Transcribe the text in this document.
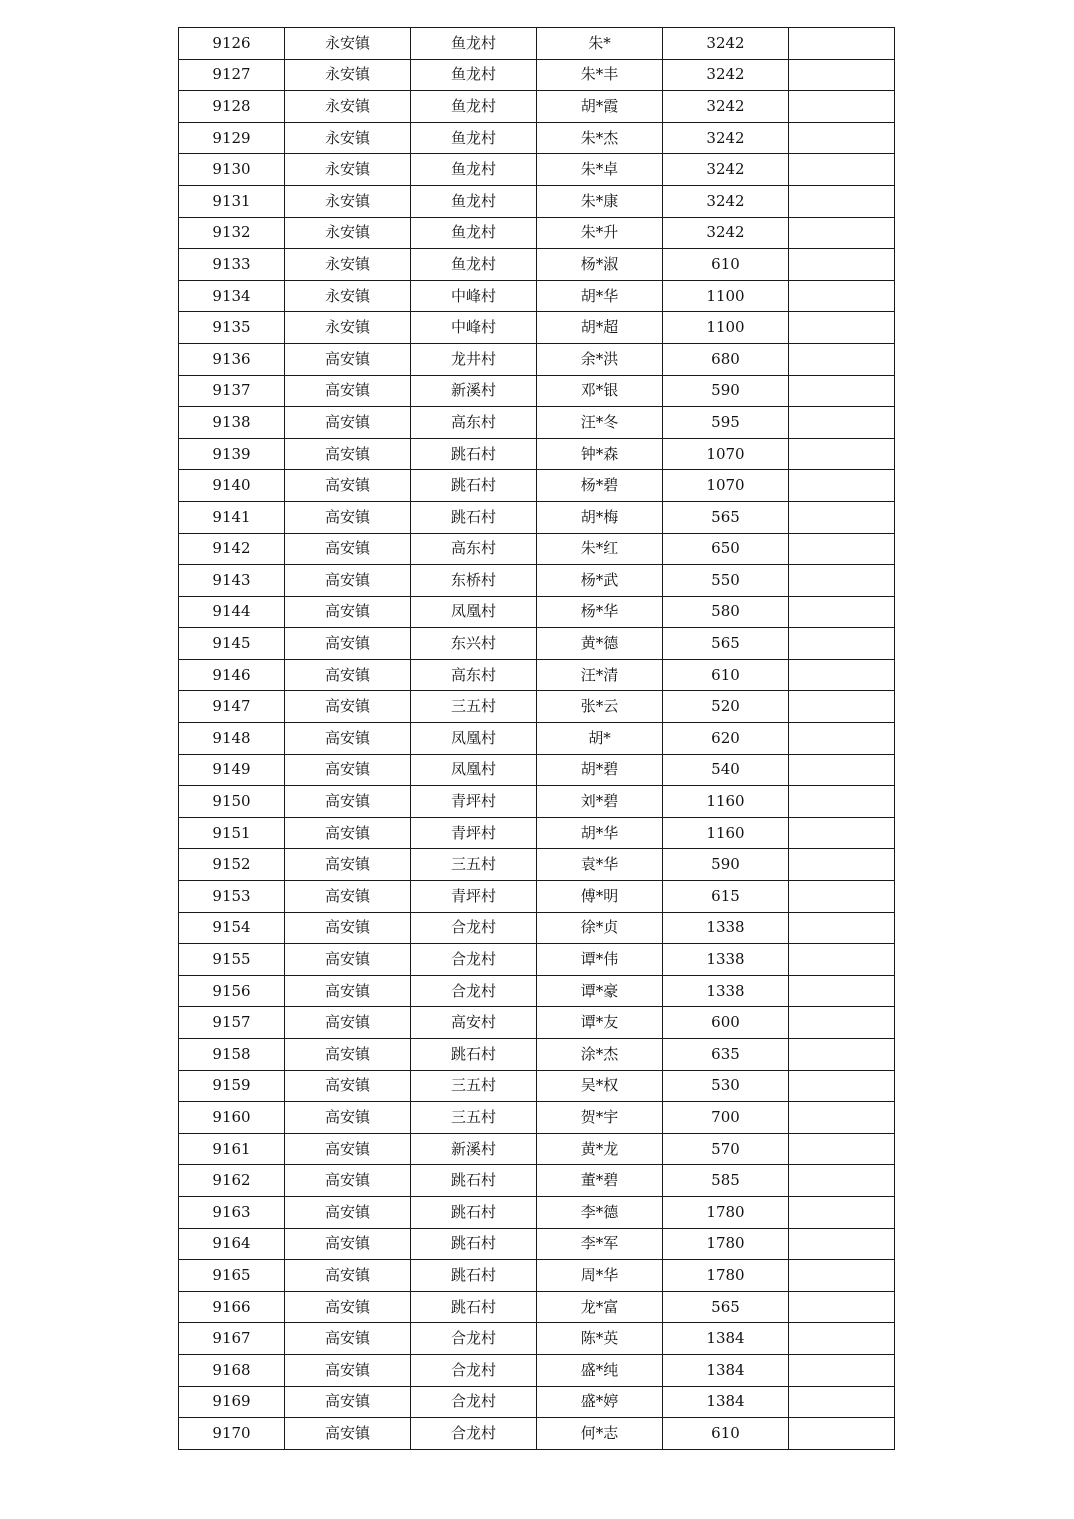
9126	永安镇	鱼龙村	朱*	3242	
9127	永安镇	鱼龙村	朱*丰	3242	
9128	永安镇	鱼龙村	胡*霞	3242	
9129	永安镇	鱼龙村	朱*杰	3242	
9130	永安镇	鱼龙村	朱*卓	3242	
9131	永安镇	鱼龙村	朱*康	3242	
9132	永安镇	鱼龙村	朱*升	3242	
9133	永安镇	鱼龙村	杨*淑	610	
9134	永安镇	中峰村	胡*华	1100	
9135	永安镇	中峰村	胡*超	1100	
9136	高安镇	龙井村	余*洪	680	
9137	高安镇	新溪村	邓*银	590	
9138	高安镇	高东村	汪*冬	595	
9139	高安镇	跳石村	钟*森	1070	
9140	高安镇	跳石村	杨*碧	1070	
9141	高安镇	跳石村	胡*梅	565	
9142	高安镇	高东村	朱*红	650	
9143	高安镇	东桥村	杨*武	550	
9144	高安镇	凤凰村	杨*华	580	
9145	高安镇	东兴村	黄*德	565	
9146	高安镇	高东村	汪*清	610	
9147	高安镇	三五村	张*云	520	
9148	高安镇	凤凰村	胡*	620	
9149	高安镇	凤凰村	胡*碧	540	
9150	高安镇	青坪村	刘*碧	1160	
9151	高安镇	青坪村	胡*华	1160	
9152	高安镇	三五村	袁*华	590	
9153	高安镇	青坪村	傅*明	615	
9154	高安镇	合龙村	徐*贞	1338	
9155	高安镇	合龙村	谭*伟	1338	
9156	高安镇	合龙村	谭*豪	1338	
9157	高安镇	高安村	谭*友	600	
9158	高安镇	跳石村	涂*杰	635	
9159	高安镇	三五村	吴*权	530	
9160	高安镇	三五村	贺*宇	700	
9161	高安镇	新溪村	黄*龙	570	
9162	高安镇	跳石村	董*碧	585	
9163	高安镇	跳石村	李*德	1780	
9164	高安镇	跳石村	李*军	1780	
9165	高安镇	跳石村	周*华	1780	
9166	高安镇	跳石村	龙*富	565	
9167	高安镇	合龙村	陈*英	1384	
9168	高安镇	合龙村	盛*纯	1384	
9169	高安镇	合龙村	盛*婷	1384	
9170	高安镇	合龙村	何*志	610	
